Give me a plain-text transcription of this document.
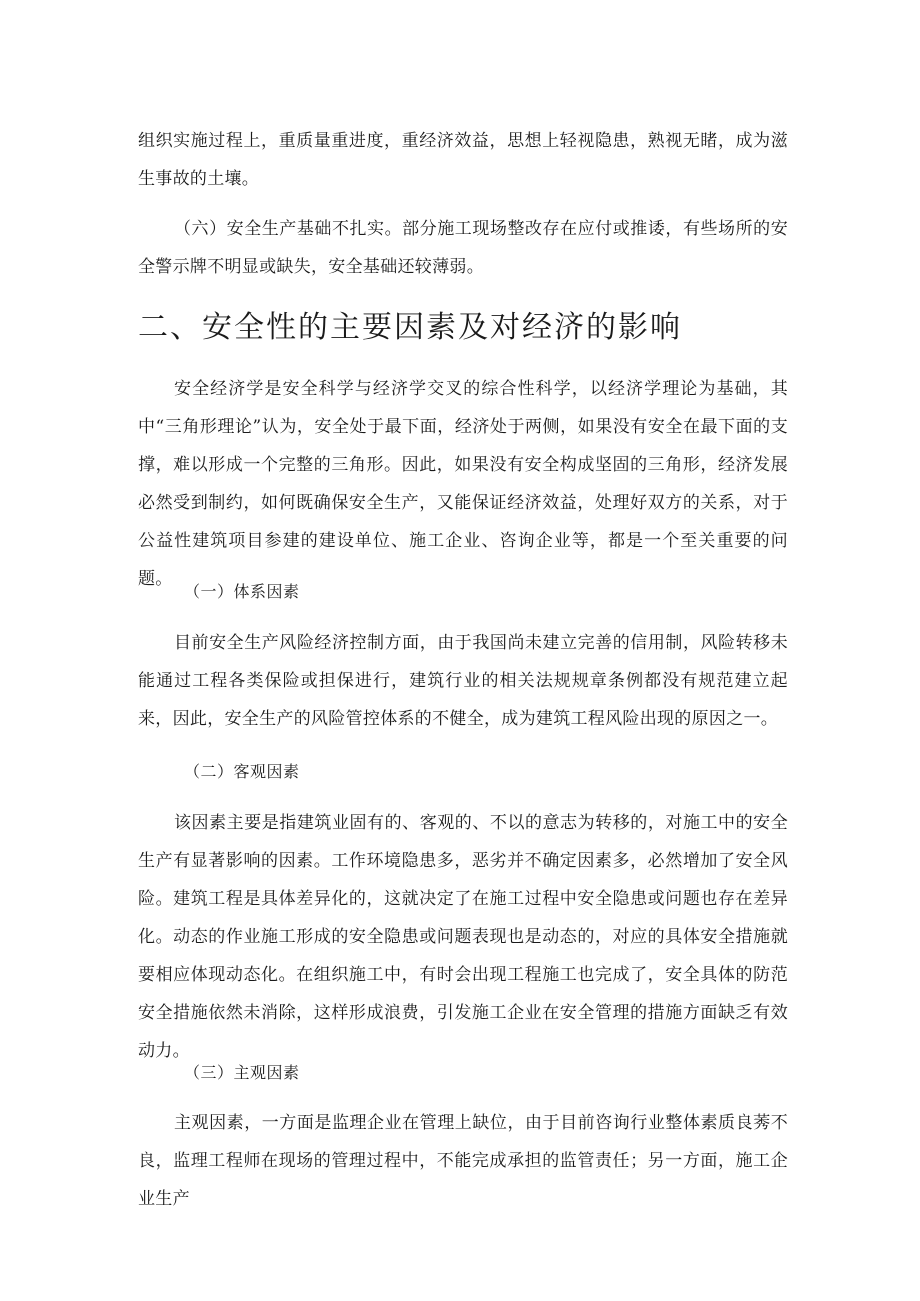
组织实施过程上，重质量重进度，重经济效益，思想上轻视隐患，熟视无睹，成为滋生事故的土壤。

（六）安全生产基础不扎实。部分施工现场整改存在应付或推诿，有些场所的安全警示牌不明显或缺失，安全基础还较薄弱。

二、安全性的主要因素及对经济的影响

安全经济学是安全科学与经济学交叉的综合性科学，以经济学理论为基础，其中“三角形理论”认为，安全处于最下面，经济处于两侧，如果没有安全在最下面的支撑，难以形成一个完整的三角形。因此，如果没有安全构成坚固的三角形，经济发展必然受到制约，如何既确保安全生产，又能保证经济效益，处理好双方的关系，对于公益性建筑项目参建的建设单位、施工企业、咨询企业等，都是一个至关重要的问题。

（一）体系因素

目前安全生产风险经济控制方面，由于我国尚未建立完善的信用制，风险转移未能通过工程各类保险或担保进行，建筑行业的相关法规规章条例都没有规范建立起来，因此，安全生产的风险管控体系的不健全，成为建筑工程风险出现的原因之一。

（二）客观因素

该因素主要是指建筑业固有的、客观的、不以的意志为转移的，对施工中的安全生产有显著影响的因素。工作环境隐患多，恶劣并不确定因素多，必然增加了安全风险。建筑工程是具体差异化的，这就决定了在施工过程中安全隐患或问题也存在差异化。动态的作业施工形成的安全隐患或问题表现也是动态的，对应的具体安全措施就要相应体现动态化。在组织施工中，有时会出现工程施工也完成了，安全具体的防范安全措施依然未消除，这样形成浪费，引发施工企业在安全管理的措施方面缺乏有效动力。

（三）主观因素

主观因素，一方面是监理企业在管理上缺位，由于目前咨询行业整体素质良莠不良，监理工程师在现场的管理过程中，不能完成承担的监管责任；另一方面，施工企业生产
